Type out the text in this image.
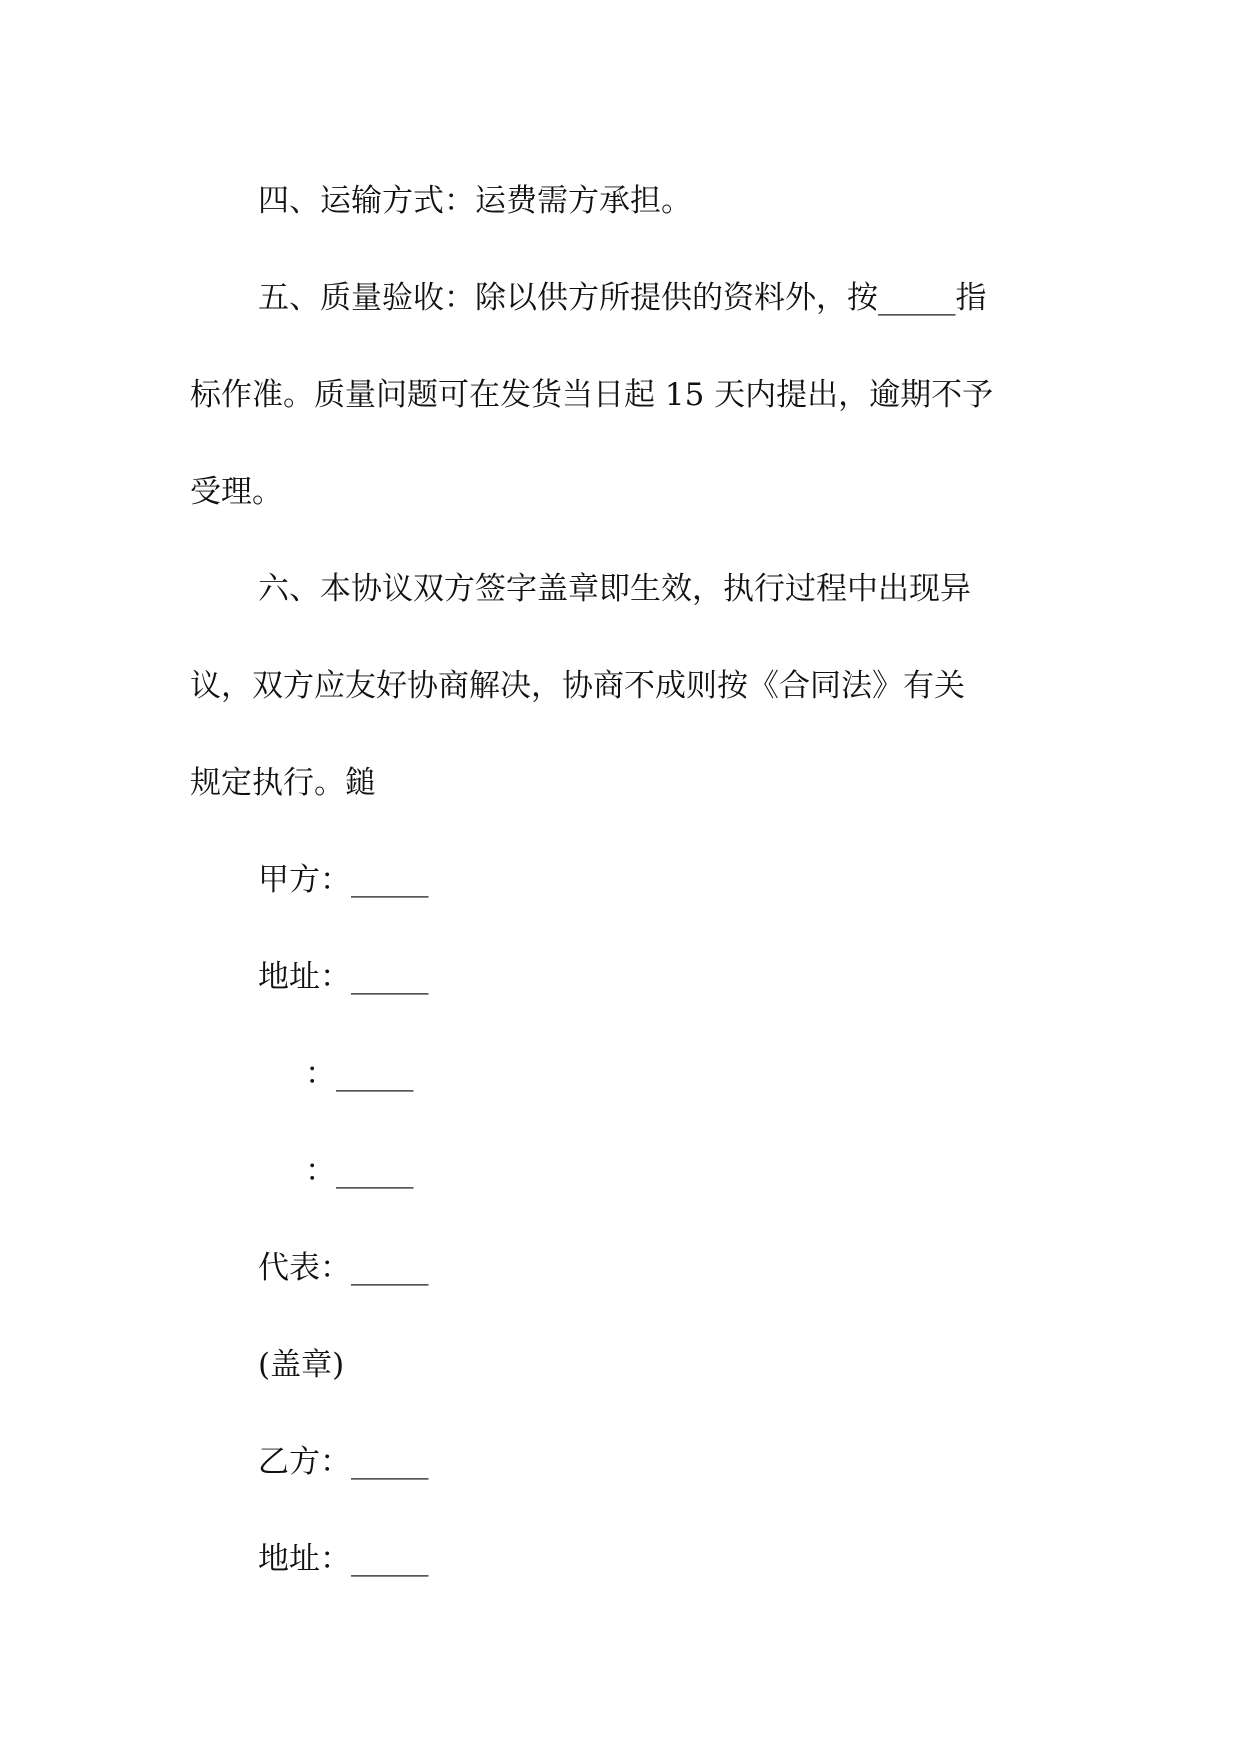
四、运输方式：运费需方承担。
五、质量验收：除以供方所提供的资料外，按_____指
标作准。质量问题可在发货当日起 15 天内提出，逾期不予
受理。
六、本协议双方签字盖章即生效，执行过程中出现异
议，双方应友好协商解决，协商不成则按《合同法》有关
规定执行。鎚
甲方：_____
地址：_____
：_____
：_____
代表：_____
(盖章)
乙方：_____
地址：_____
